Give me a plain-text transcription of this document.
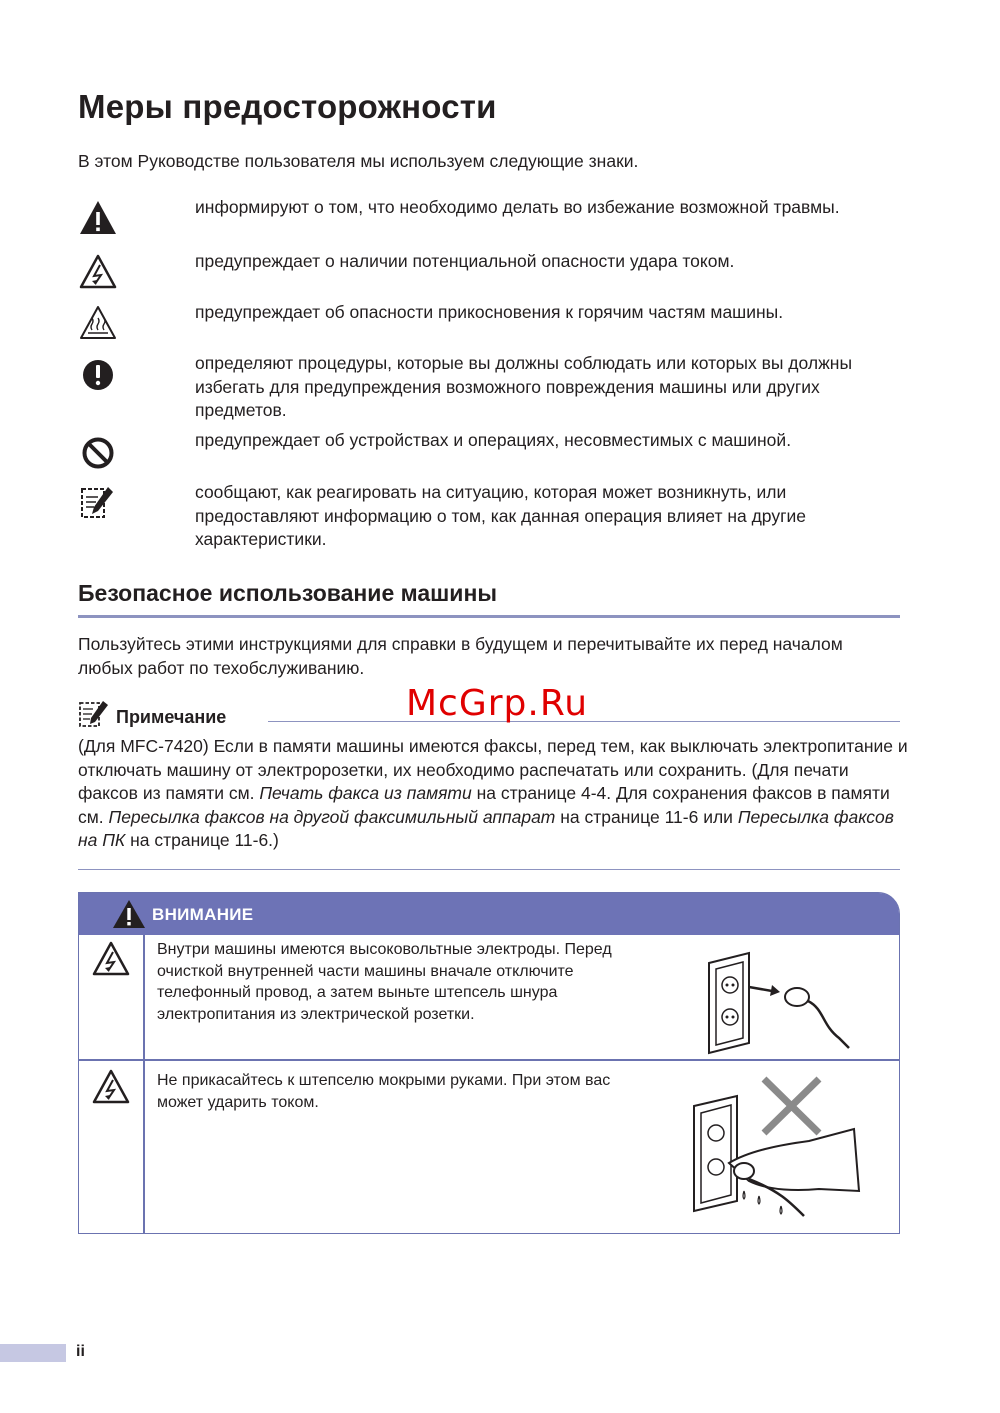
Меры предосторожности
В этом Руководстве пользователя мы используем следующие знаки.
информируют о том, что необходимо делать во избежание возможной травмы.
предупреждает о наличии потенциальной опасности удара током.
предупреждает об опасности прикосновения к горячим частям машины.
определяют процедуры, которые вы должны соблюдать или которых вы должны избегать для предупреждения возможного повреждения машины или других предметов.
предупреждает об устройствах и операциях, несовместимых с машиной.
сообщают, как реагировать на ситуацию, которая может возникнуть, или предоставляют информацию о том, как данная операция влияет на другие характеристики.
Безопасное использование машины
Пользуйтесь этими инструкциями для справки в будущем и перечитывайте их перед началом любых работ по техобслуживанию.
Примечание	McGrp.Ru
(Для MFC-7420) Если в памяти машины имеются факсы, перед тем, как выключать электропитание и отключать машину от электророзетки, их необходимо распечатать или сохранить. (Для печати факсов из памяти см. Печать факса из памяти на странице 4-4. Для сохранения факсов в памяти см. Пересылка факсов на другой факсимильный аппарат на странице 11-6 или Пересылка факсов на ПК на странице 11-6.)
ВНИМАНИЕ
Внутри машины имеются высоковольтные электроды. Перед очисткой внутренней части машины вначале отключите телефонный провод, а затем выньте штепсель шнура электропитания из электрической розетки.
Не прикасайтесь к штепселю мокрыми руками. При этом вас может ударить током.
ii
